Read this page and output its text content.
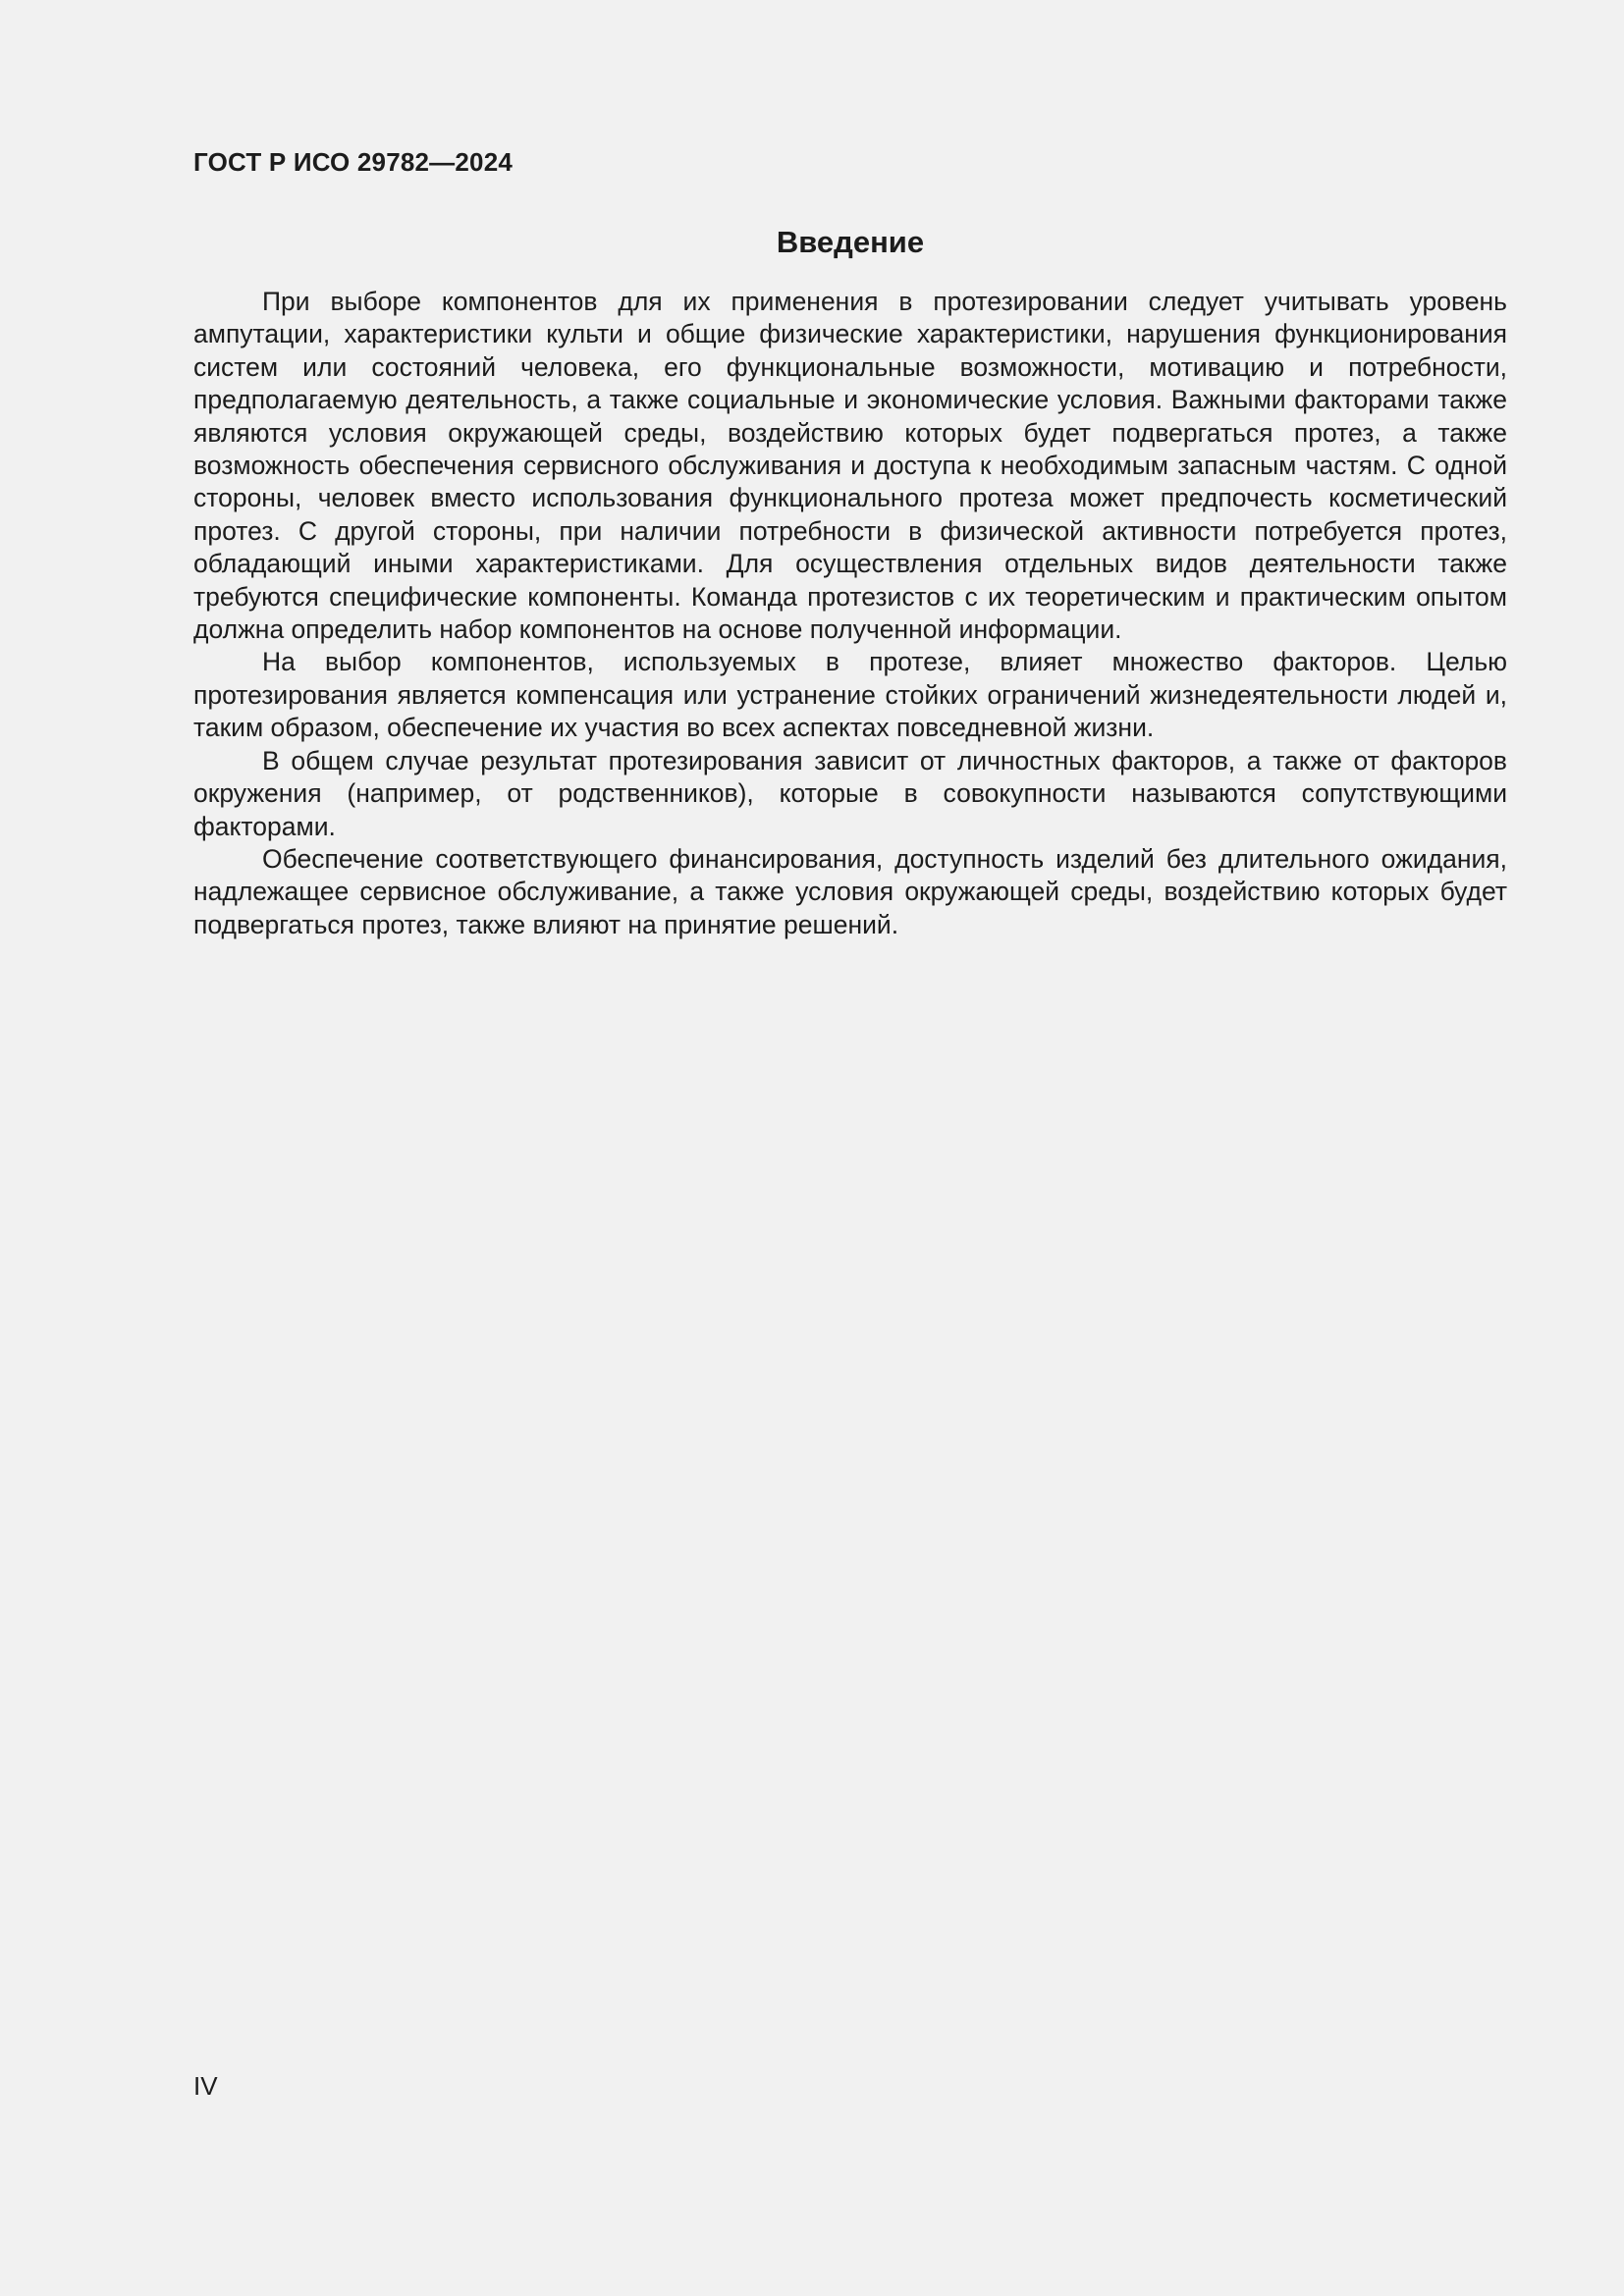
ГОСТ Р ИСО 29782—2024
Введение

При выборе компонентов для их применения в протезировании следует учитывать уровень ампутации, характеристики культи и общие физические характеристики, нарушения функционирования систем или состояний человека, его функциональные возможности, мотивацию и потребности, предполагаемую деятельность, а также социальные и экономические условия. Важными факторами также являются условия окружающей среды, воздействию которых будет подвергаться протез, а также возможность обеспечения сервисного обслуживания и доступа к необходимым запасным частям. С одной стороны, человек вместо использования функционального протеза может предпочесть косметический протез. С другой стороны, при наличии потребности в физической активности потребуется протез, обладающий иными характеристиками. Для осуществления отдельных видов деятельности также требуются специфические компоненты. Команда протезистов с их теоретическим и практическим опытом должна определить набор компонентов на основе полученной информации.

На выбор компонентов, используемых в протезе, влияет множество факторов. Целью протезирования является компенсация или устранение стойких ограничений жизнедеятельности людей и, таким образом, обеспечение их участия во всех аспектах повседневной жизни.

В общем случае результат протезирования зависит от личностных факторов, а также от факторов окружения (например, от родственников), которые в совокупности называются сопутствующими факторами.

Обеспечение соответствующего финансирования, доступность изделий без длительного ожидания, надлежащее сервисное обслуживание, а также условия окружающей среды, воздействию которых будет подвергаться протез, также влияют на принятие решений.

IV
